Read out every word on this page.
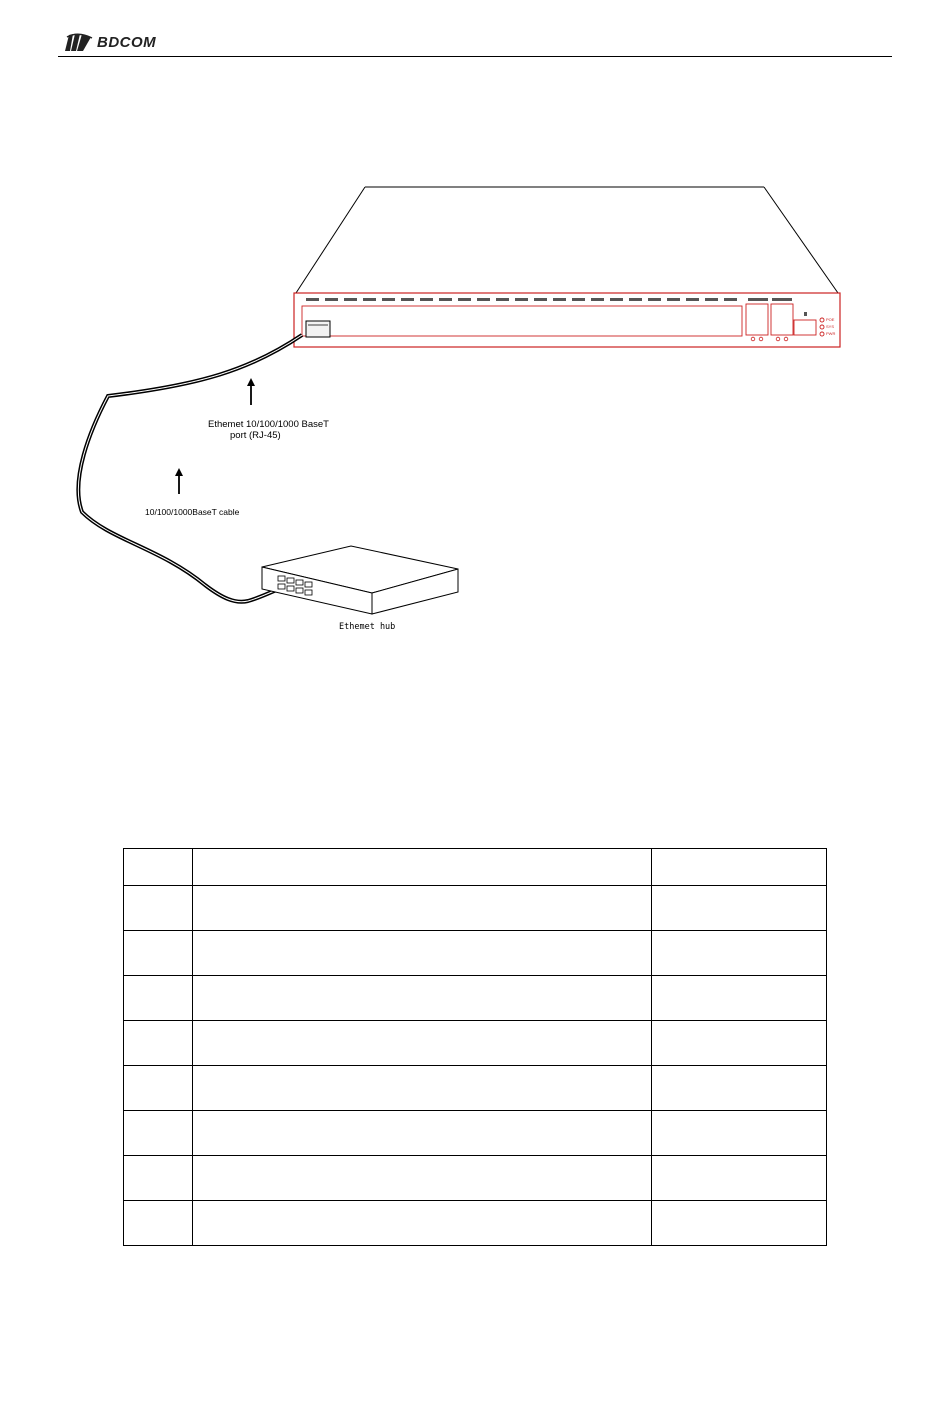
BDCOM
Ethemet 10/100/1000 BaseT
port (RJ-45)
10/100/1000BaseT cable
Ethemet hub
POE
SYS
PWR
